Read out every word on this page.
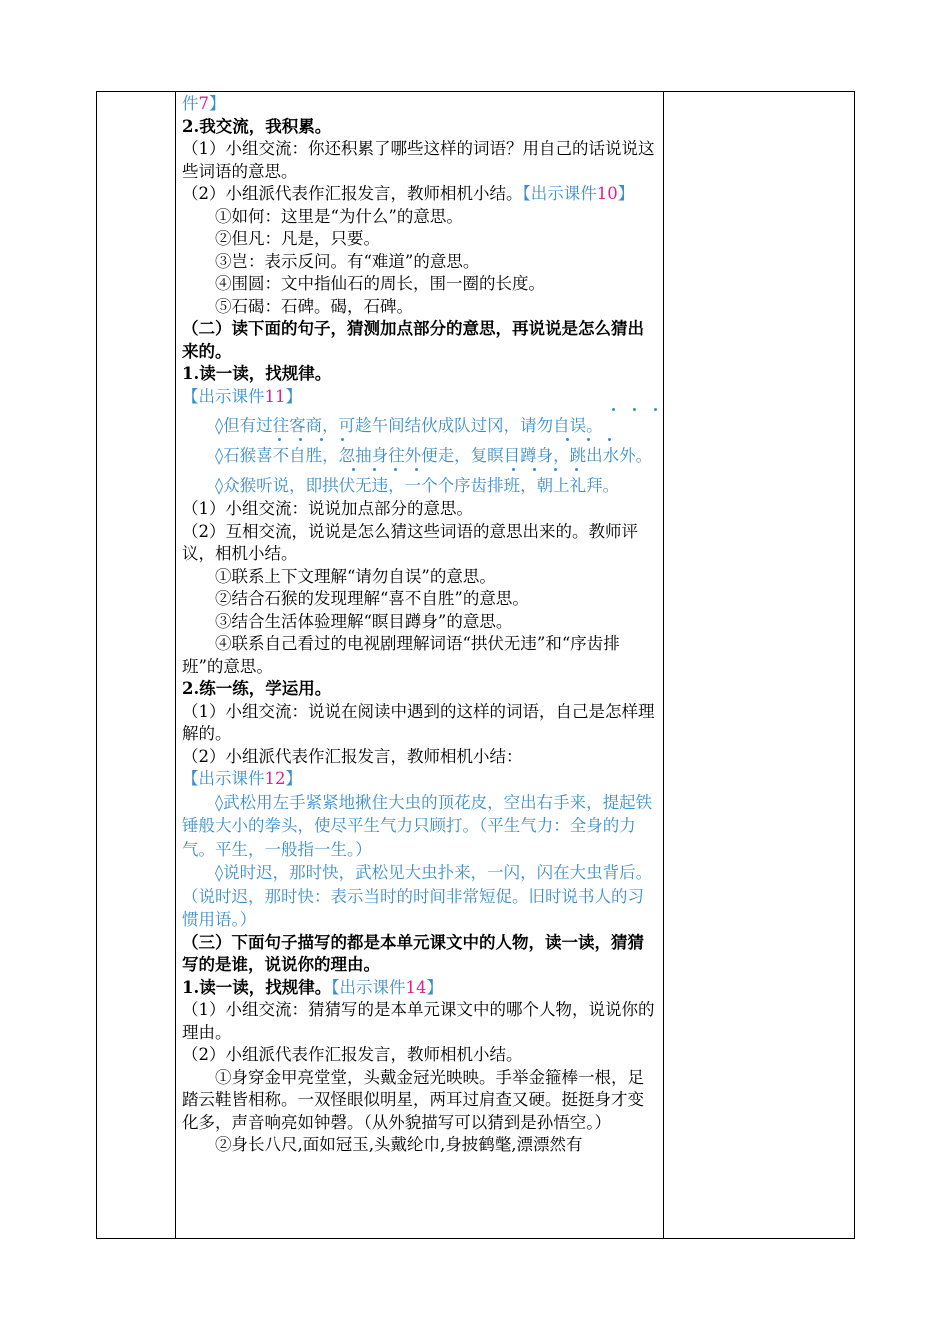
件7】

2.我交流，我积累。

（1）小组交流：你还积累了哪些这样的词语？用自己的话说说这些词语的意思。

（2）小组派代表作汇报发言，教师相机小结。【出示课件10】

①如何：这里是“为什么”的意思。

②但凡：凡是，只要。

③岂：表示反问。有“难道”的意思。

④围圆：文中指仙石的周长，围一圈的长度。

⑤石碣：石碑。碣，石碑。

（二）读下面的句子，猜测加点部分的意思，再说说是怎么猜出来的。

1.读一读，找规律。

【出示课件11】

◊但有过往客商，可趁午间结伙成队过冈，请勿自误。

◊石猴喜不自胜，忽抽身往外便走，复瞑目蹲身，跳出水外。

◊众猴听说，即拱伏无违，一个个序齿排班，朝上礼拜。

（1）小组交流：说说加点部分的意思。

（2）互相交流，说说是怎么猜这些词语的意思出来的。教师评议，相机小结。

①联系上下文理解“请勿自误”的意思。

②结合石猴的发现理解“喜不自胜”的意思。

③结合生活体验理解“瞑目蹲身”的意思。

④联系自己看过的电视剧理解词语“拱伏无违”和“序齿排班”的意思。

2.练一练，学运用。

（1）小组交流：说说在阅读中遇到的这样的词语，自己是怎样理解的。

（2）小组派代表作汇报发言，教师相机小结：

【出示课件12】

◊武松用左手紧紧地揪住大虫的顶花皮，空出右手来，提起铁锤般大小的拳头，使尽平生气力只顾打。（平生气力：全身的力气。平生，一般指一生。）

◊说时迟，那时快，武松见大虫扑来，一闪，闪在大虫背后。（说时迟，那时快：表示当时的时间非常短促。旧时说书人的习惯用语。）

（三）下面句子描写的都是本单元课文中的人物，读一读，猜猜写的是谁，说说你的理由。

1.读一读，找规律。【出示课件14】

（1）小组交流：猜猜写的是本单元课文中的哪个人物，说说你的理由。

（2）小组派代表作汇报发言，教师相机小结。

①身穿金甲亮堂堂，头戴金冠光映映。手举金箍棒一根，足踏云鞋皆相称。一双怪眼似明星，两耳过肩查又硬。挺挺身才变化多，声音响亮如钟磬。（从外貌描写可以猜到是孙悟空。）

②身长八尺,面如冠玉,头戴纶巾,身披鹤氅,漂漂然有
